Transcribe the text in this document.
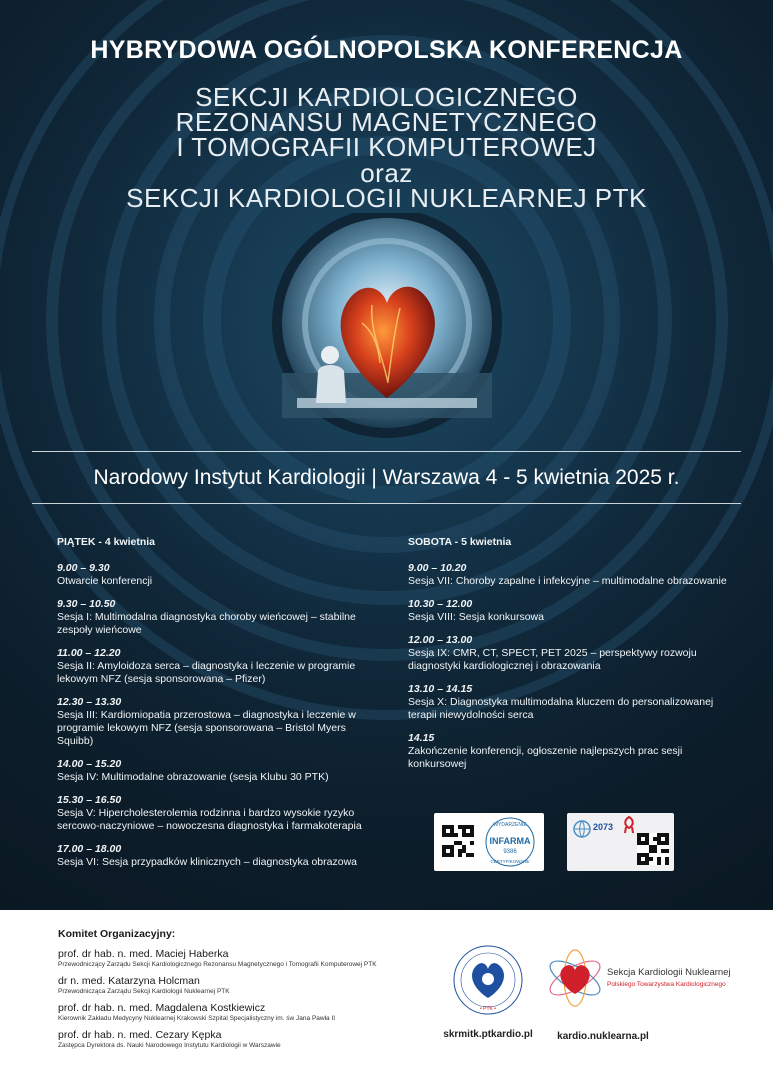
HYBRYDOWA OGÓLNOPOLSKA KONFERENCJA
SEKCJI KARDIOLOGICZNEGO
REZONANSU MAGNETYCZNEGO
I TOMOGRAFII KOMPUTEROWEJ
oraz
SEKCJI KARDIOLOGII NUKLEARNEJ PTK
Narodowy Instytut Kardiologii | Warszawa 4 - 5 kwietnia 2025 r.
PIĄTEK - 4 kwietnia
9.00 – 9.30
Otwarcie konferencji
9.30 – 10.50
Sesja I: Multimodalna diagnostyka choroby wieńcowej – stabilne zespoły wieńcowe
11.00 – 12.20
Sesja II: Amyloidoza serca – diagnostyka i leczenie w programie lekowym NFZ (sesja sponsorowana – Pfizer)
12.30 – 13.30
Sesja III: Kardiomiopatia przerostowa – diagnostyka i leczenie w programie lekowym NFZ (sesja sponsorowana – Bristol Myers Squibb)
14.00 – 15.20
Sesja IV: Multimodalne obrazowanie (sesja Klubu 30 PTK)
15.30 – 16.50
Sesja V: Hipercholesterolemia rodzinna i bardzo wysokie ryzyko sercowo-naczyniowe – nowoczesna diagnostyka i farmakoterapia
17.00 – 18.00
Sesja VI: Sesja przypadków klinicznych – diagnostyka obrazowa
SOBOTA - 5 kwietnia
9.00 – 10.20
Sesja VII: Choroby zapalne i infekcyjne – multimodalne obrazowanie
10.30 – 12.00
Sesja VIII: Sesja konkursowa
12.00 – 13.00
Sesja IX: CMR, CT, SPECT, PET 2025 – perspektywy rozwoju diagnostyki kardiologicznej i obrazowania
13.10 – 14.15
Sesja X: Diagnostyka multimodalna kluczem do personalizowanej terapii niewydolności serca
14.15
Zakończenie konferencji, ogłoszenie najlepszych prac sesji konkursowej
WYDARZENIE
INFARMA
9386
CERTYFIKOWANE
2073
Komitet Organizacyjny:
prof. dr hab. n. med. Maciej Haberka
Przewodniczący Zarządu Sekcji Kardiologicznego Rezonansu Magnetycznego i Tomografii Komputerowej PTK
dr n. med. Katarzyna Holcman
Przewodnicząca Zarządu Sekcji Kardiologii Nuklearnej PTK
prof. dr hab. n. med. Magdalena Kostkiewicz
Kierownik Zakładu Medycyny Nuklearnej Krakowski Szpital Specjalistyczny im. św Jana Pawła II
prof. dr hab. n. med. Cezary Kępka
Zastępca Dyrektora ds. Nauki Narodowego Instytutu Kardiologii w Warszawie
• PTK •
skrmitk.ptkardio.pl
Sekcja Kardiologii Nuklearnej
Polskiego Towarzystwa Kardiologicznego
kardio.nuklearna.pl
